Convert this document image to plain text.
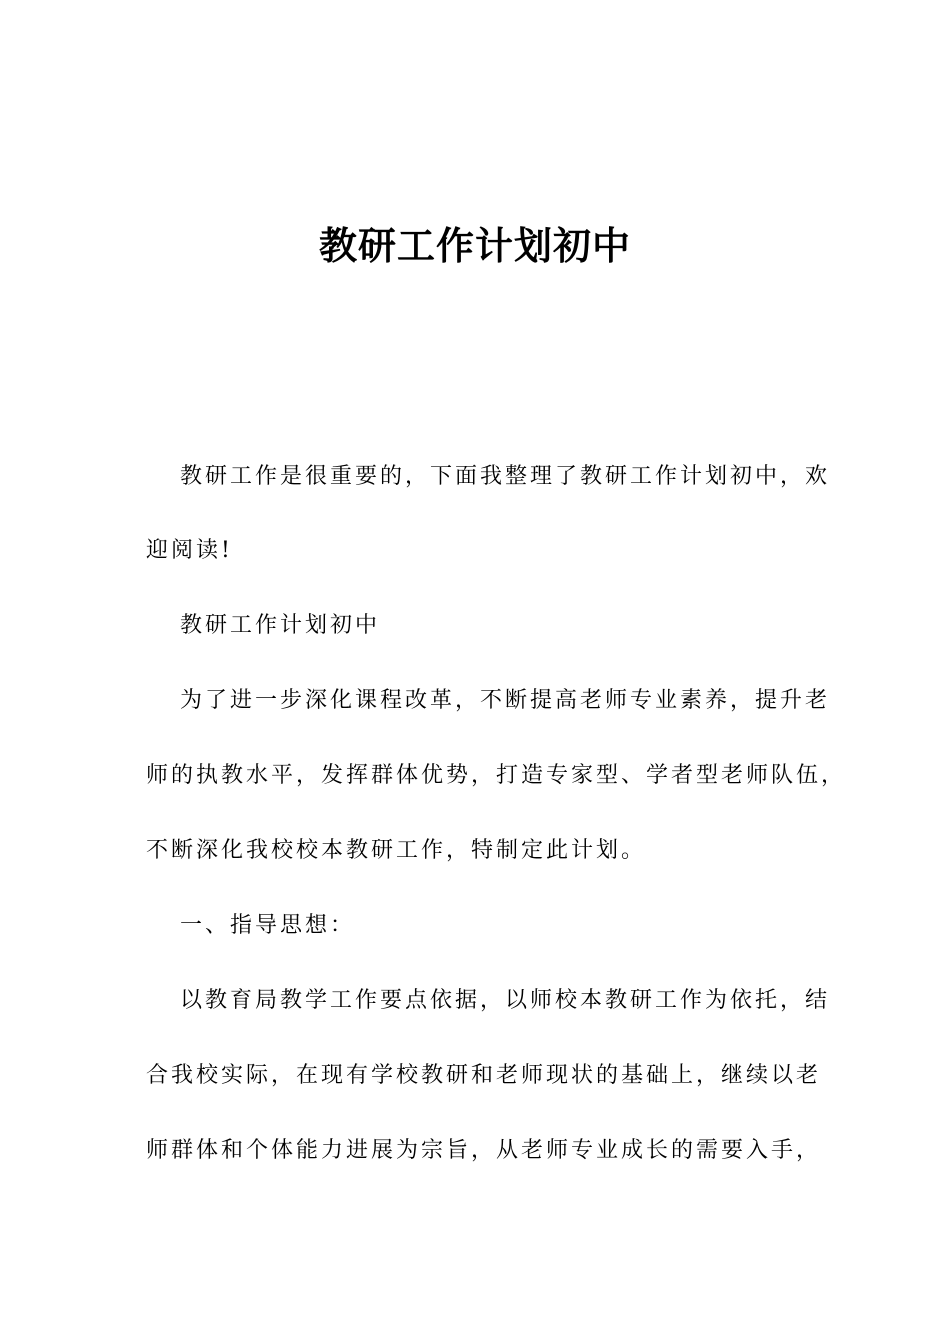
教研工作计划初中

教研工作是很重要的，下面我整理了教研工作计划初中，欢

迎阅读!

教研工作计划初中

为了进一步深化课程改革，不断提高老师专业素养，提升老

师的执教水平，发挥群体优势，打造专家型、学者型老师队伍，

不断深化我校校本教研工作，特制定此计划。

一、指导思想：

以教育局教学工作要点依据，以师校本教研工作为依托，结

合我校实际，在现有学校教研和老师现状的基础上，继续以老

师群体和个体能力进展为宗旨，从老师专业成长的需要入手，
